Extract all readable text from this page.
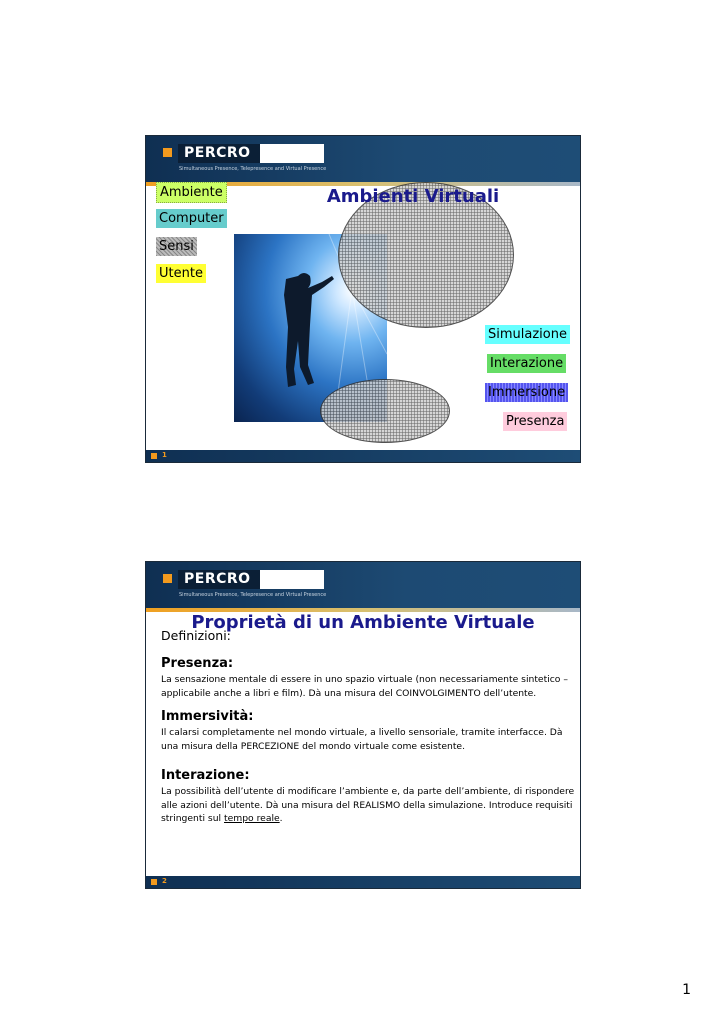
PERCRO
Simultaneous Presence, Telepresence and Virtual Presence
Ambienti Virtuali
Ambiente
Computer
Sensi
Utente
Simulazione
Interazione
Immersione
Presenza
1
PERCRO
Simultaneous Presence, Telepresence and Virtual Presence
Proprietà di un Ambiente Virtuale
Definizioni:
Presenza:
La sensazione mentale di essere in uno spazio virtuale (non necessariamente sintetico – applicabile anche a libri e film). Dà una misura del COINVOLGIMENTO dell’utente.
Immersività:
Il calarsi completamente nel mondo virtuale, a livello sensoriale, tramite interfacce. Dà una misura della PERCEZIONE del mondo virtuale come esistente.
Interazione:
La possibilità dell’utente di modificare l’ambiente e, da parte dell’ambiente, di rispondere alle azioni dell’utente. Dà una misura del REALISMO della simulazione. Introduce requisiti stringenti sul tempo reale.
2
1
